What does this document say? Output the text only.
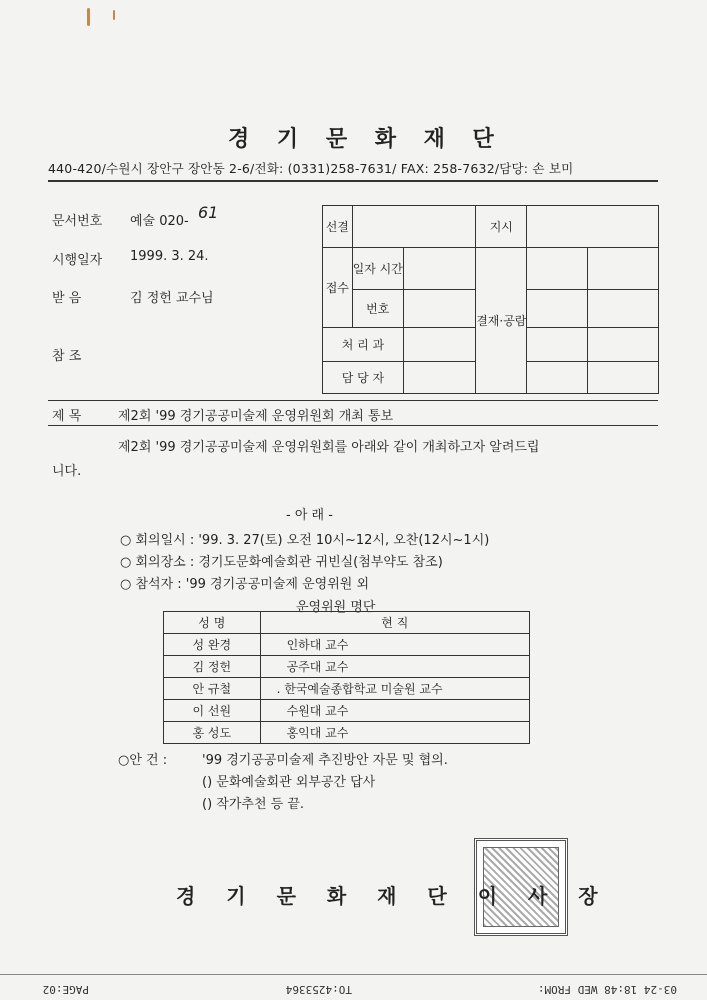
경 기 문 화 재 단
440-420/수원시 장안구 장안동 2-6/전화: (0331)258-7631/ FAX: 258-7632/담당: 손 보미
문서번호 예술 020- 61
시행일자 1999. 3. 24.
받 음	김 정헌 교수님
참 조
선결			지시		
접수	일자 시간		결재·공람		
	번호				
처 리 과					
담 당 자					
제 목	제2회 '99 경기공공미술제 운영위원회 개최 통보
제2회 '99 경기공공미술제 운영위원회를 아래와 같이 개최하고자 알려드립
니다.
- 아 래 -
○ 회의일시 : '99. 3. 27(토) 오전 10시~12시, 오찬(12시~1시)
○ 회의장소 : 경기도문화예술회관 귀빈실(첨부약도 참조)
○ 참석자 : '99 경기공공미술제 운영위원 외
운영위원 명단
성 명	현 직
성 완경	인하대 교수
김 정헌	공주대 교수
안 규철	. 한국예술종합학교 미술원 교수
이 선원	수원대 교수
홍 성도	홍익대 교수
○안 건 :	'99 경기공공미술제 추진방안 자문 및 협의.
() 문화예술회관 외부공간 답사
() 작가추천 등 끝.
경 기 문 화 재 단 이 사 장
03-24 18:48 WED FROM:
TO:4253364
PAGE:02
